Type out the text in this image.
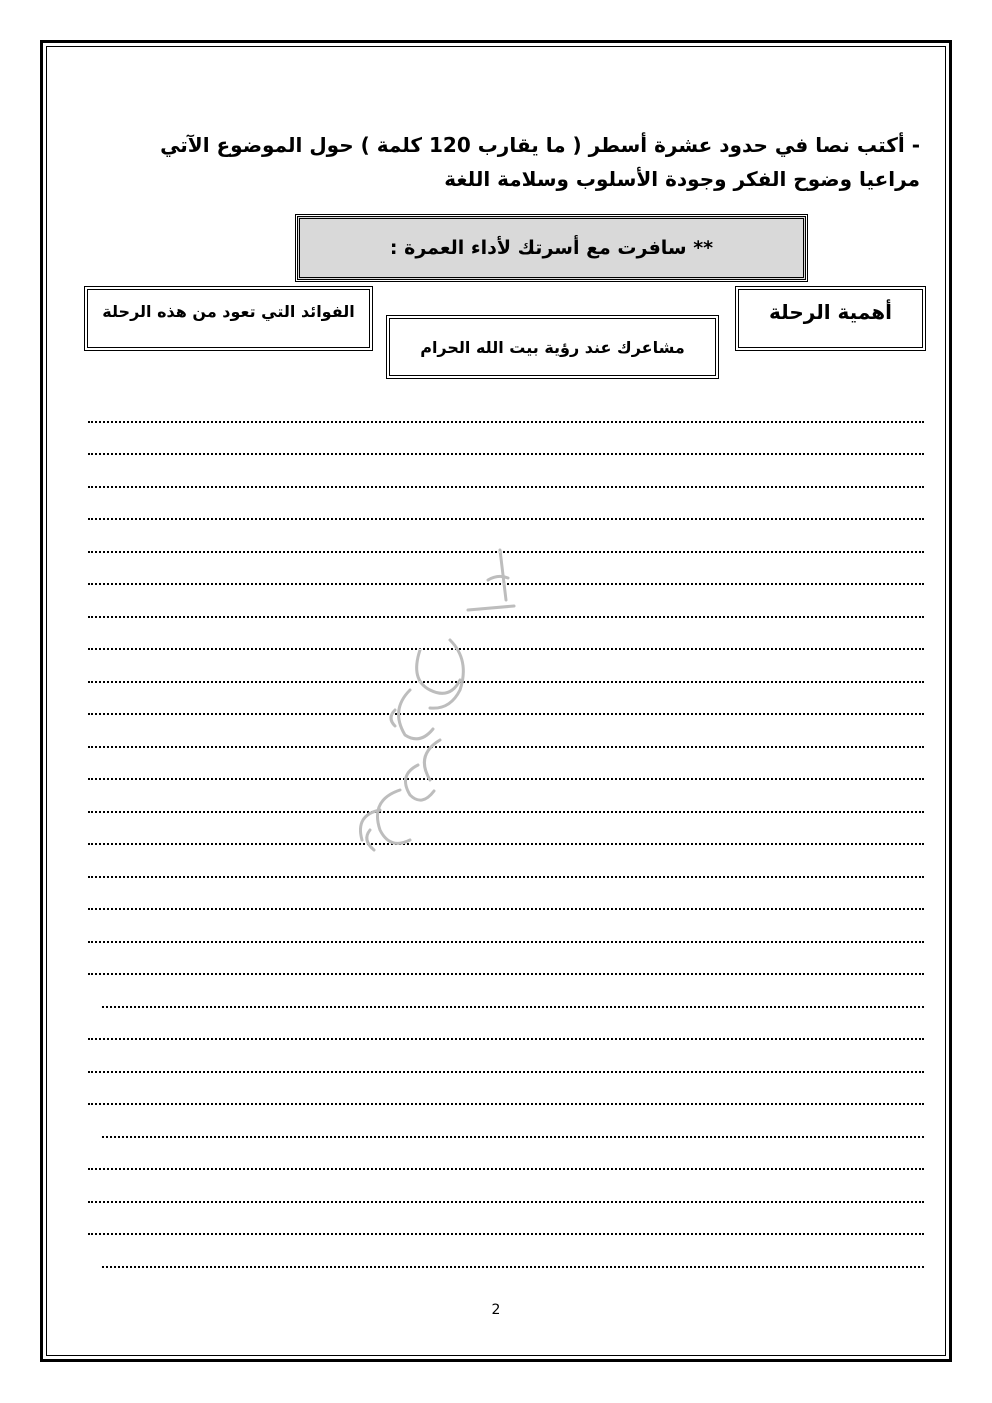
- أكتب نصا في حدود عشرة أسطر ( ما يقارب 120 كلمة ) حول الموضوع الآتي مراعيا وضوح الفكر وجودة الأسلوب وسلامة اللغة
** سافرت مع أسرتك لأداء العمرة :
أهمية الرحلة
مشاعرك عند رؤية بيت الله الحرام
الفوائد التي تعود من هذه الرحلة
2
